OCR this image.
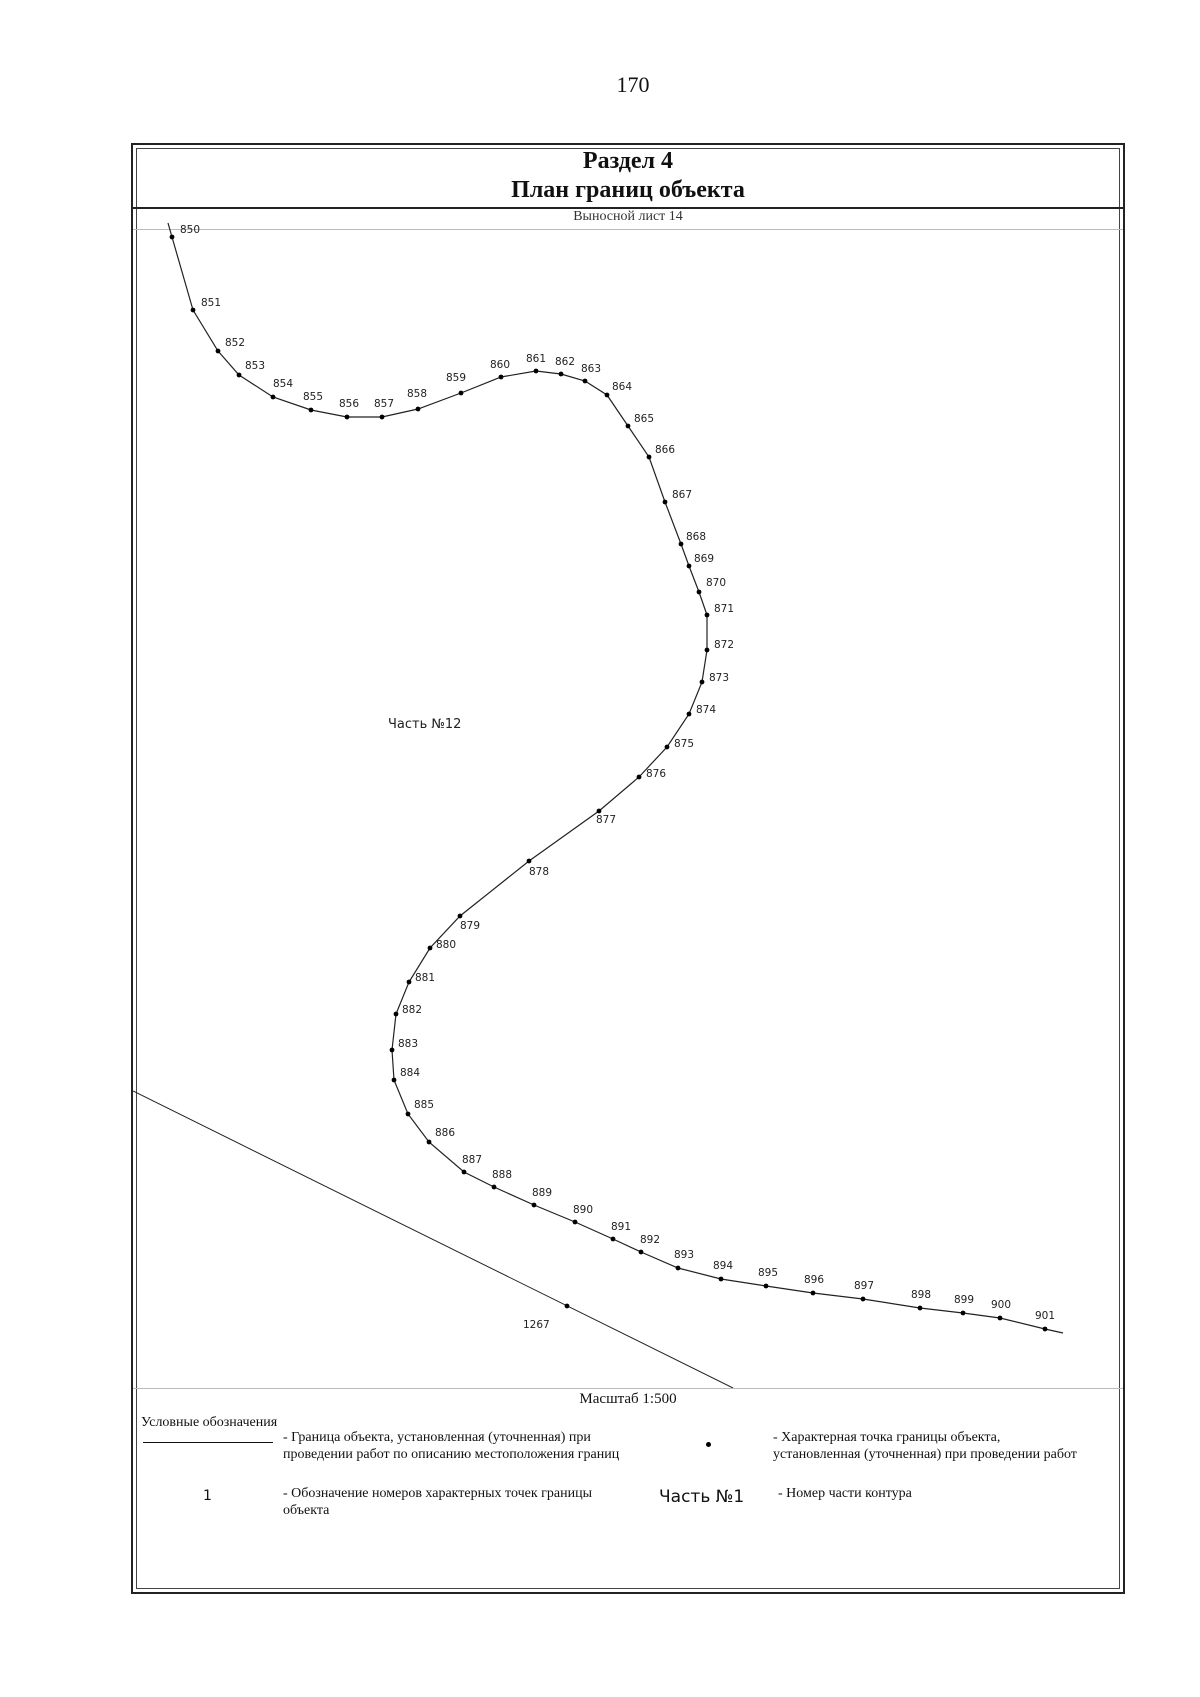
170
Раздел 4
План границ объекта
Выносной лист 14
850
851
852
853
854
855
856 857
858
859
860 861 862
863
864
865
866
867
868
869
870
871
872
873
874
875
876
877
878
879
880
881
882
883
884
885
886
887
888
889
890
891
892
893
894
895
896	897
898 899 900
901
1267
Часть №12
Масштаб 1:500
Условные обозначения
- Граница объекта, установленная (уточненная) при проведении работ по описанию местоположения границ
- Характерная точка границы объекта, установленная (уточненная) при проведении работ
1	- Обозначение номеров характерных точек границы объекта
Часть №1 - Номер части контура
